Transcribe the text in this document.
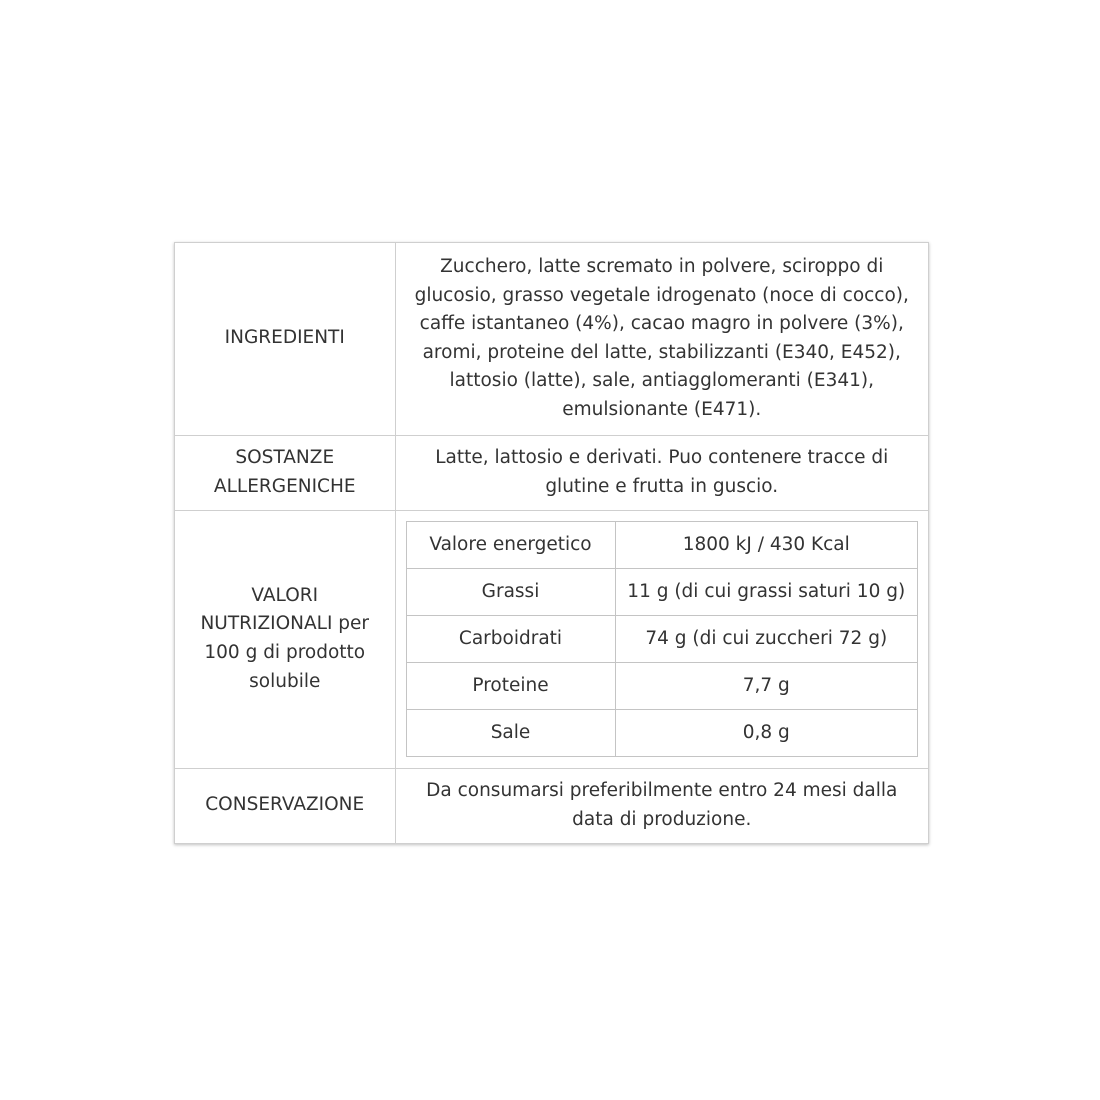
INGREDIENTI	Zucchero, latte scremato in polvere, sciroppo di
glucosio, grasso vegetale idrogenato (noce di cocco),
caffe istantaneo (4%), cacao magro in polvere (3%),
aromi, proteine del latte, stabilizzanti (E340, E452),
lattosio (latte), sale, antiagglomeranti (E341),
emulsionante (E471).
SOSTANZE
ALLERGENICHE	Latte, lattosio e derivati. Puo contenere tracce di
glutine e frutta in guscio.
VALORI
NUTRIZIONALI per
100 g di prodotto
solubile	
Valore energetico	1800 kJ / 430 Kcal
Grassi	11 g (di cui grassi saturi 10 g)
Carboidrati	74 g (di cui zuccheri 72 g)
Proteine	7,7 g
Sale	0,8 g

CONSERVAZIONE	Da consumarsi preferibilmente entro 24 mesi dalla
data di produzione.
